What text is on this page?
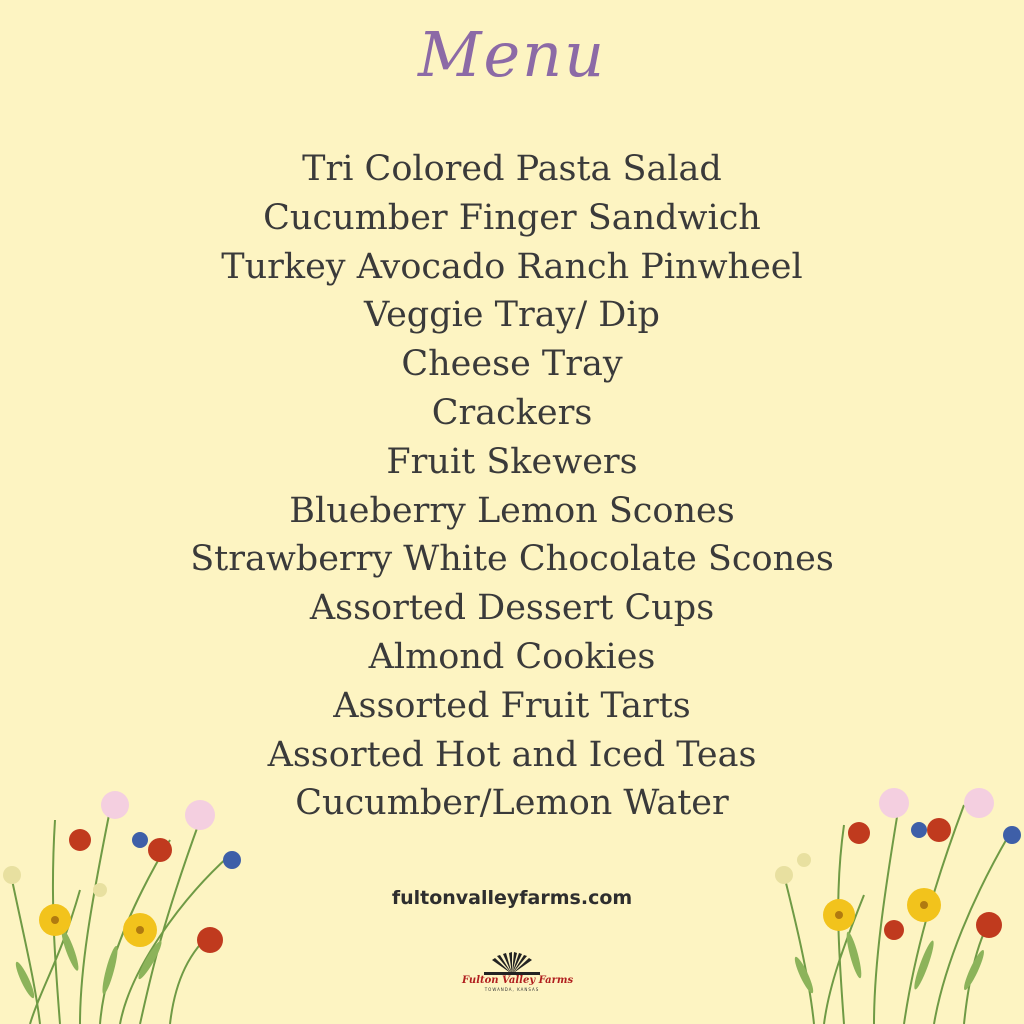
Menu
Tri Colored Pasta Salad
Cucumber Finger Sandwich
Turkey Avocado Ranch Pinwheel
Veggie Tray/ Dip
Cheese Tray
Crackers
Fruit Skewers
Blueberry Lemon Scones
Strawberry White Chocolate Scones
Assorted Dessert Cups
Almond Cookies
Assorted Fruit Tarts
Assorted Hot and Iced Teas
Cucumber/Lemon Water
fultonvalleyfarms.com
Fulton Valley Farms
TOWANDA, KANSAS
